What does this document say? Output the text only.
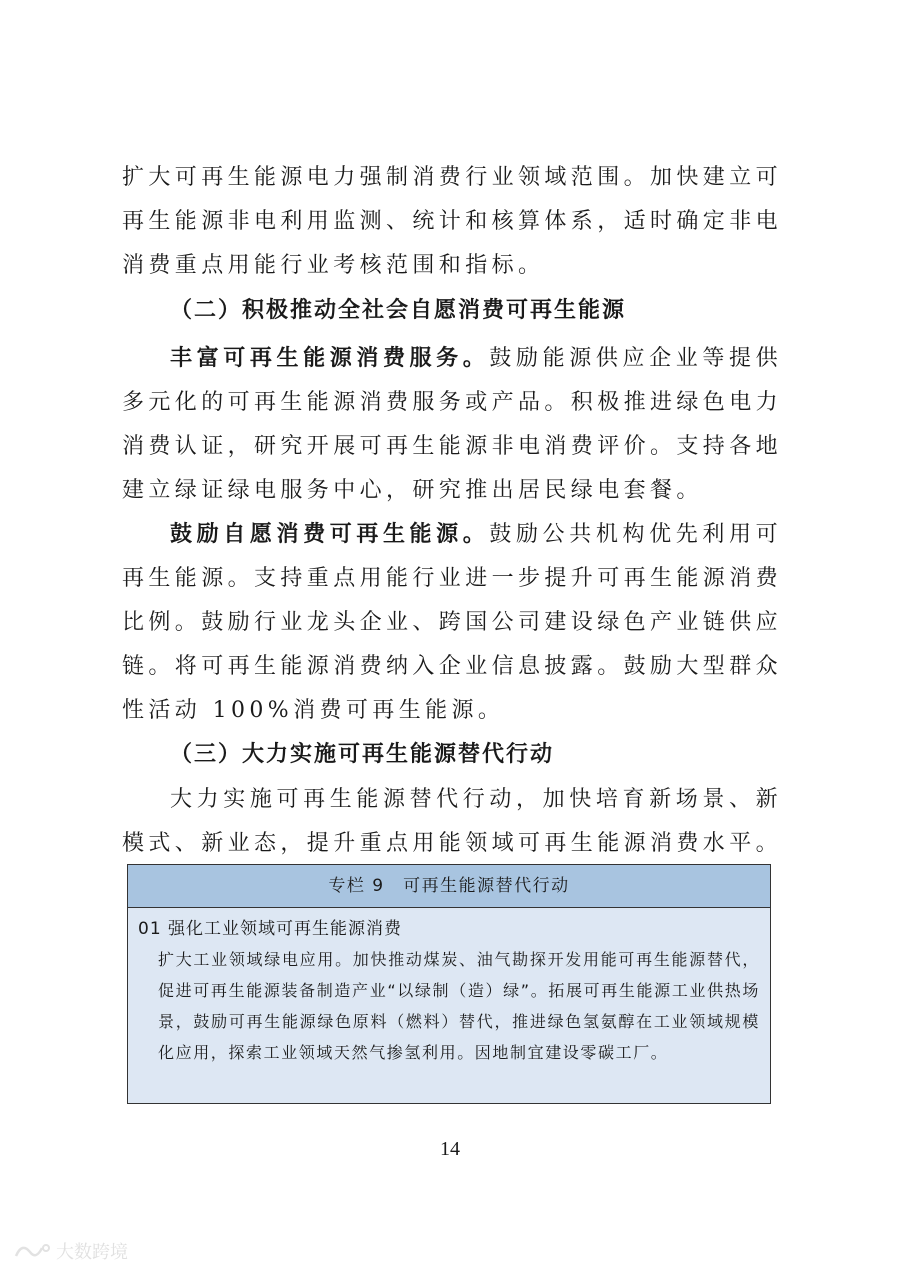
扩大可再生能源电力强制消费行业领域范围。加快建立可再生能源非电利用监测、统计和核算体系，适时确定非电消费重点用能行业考核范围和指标。

（二）积极推动全社会自愿消费可再生能源

丰富可再生能源消费服务。鼓励能源供应企业等提供多元化的可再生能源消费服务或产品。积极推进绿色电力消费认证，研究开展可再生能源非电消费评价。支持各地建立绿证绿电服务中心，研究推出居民绿电套餐。

鼓励自愿消费可再生能源。鼓励公共机构优先利用可再生能源。支持重点用能行业进一步提升可再生能源消费比例。鼓励行业龙头企业、跨国公司建设绿色产业链供应链。将可再生能源消费纳入企业信息披露。鼓励大型群众性活动 100%消费可再生能源。

（三）大力实施可再生能源替代行动

大力实施可再生能源替代行动，加快培育新场景、新模式、新业态，提升重点用能领域可再生能源消费水平。

专栏 9　可再生能源替代行动

01 强化工业领域可再生能源消费

扩大工业领域绿电应用。加快推动煤炭、油气勘探开发用能可再生能源替代，促进可再生能源装备制造产业“以绿制（造）绿”。拓展可再生能源工业供热场景，鼓励可再生能源绿色原料（燃料）替代，推进绿色氢氨醇在工业领域规模化应用，探索工业领域天然气掺氢利用。因地制宜建设零碳工厂。

14
大数跨境
